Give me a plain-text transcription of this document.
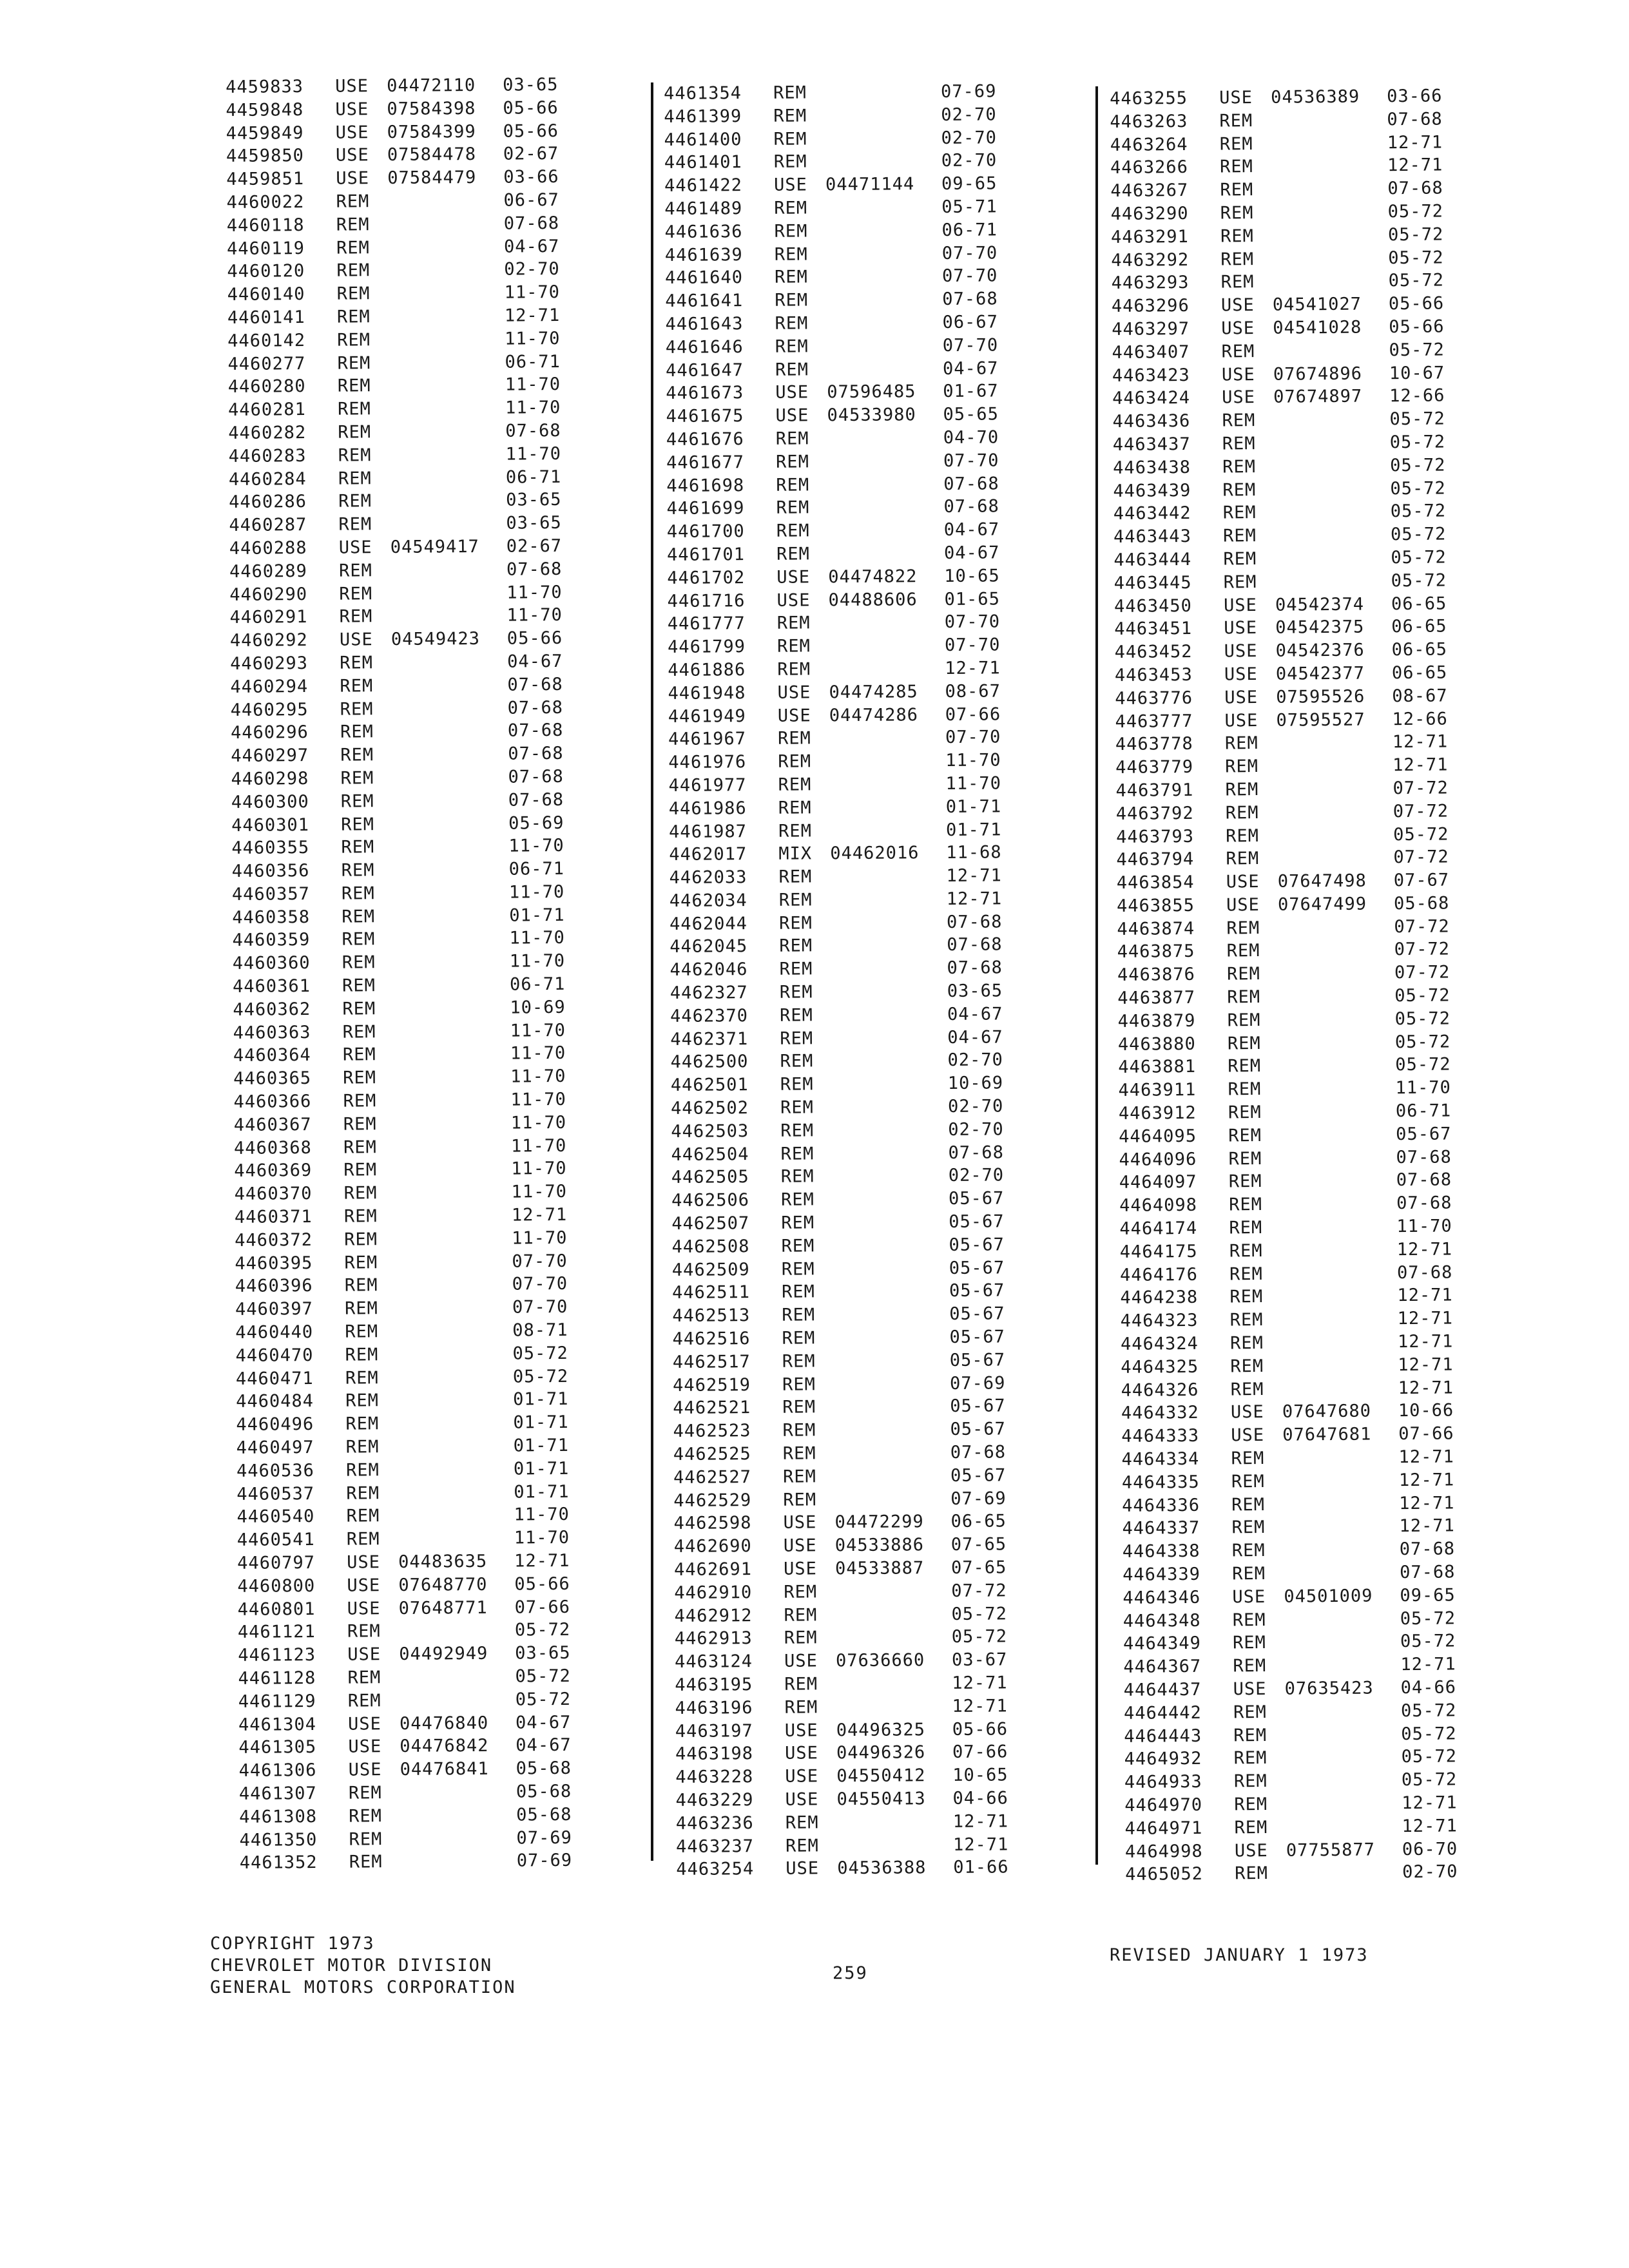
4459833 USE 04472110 03-65
4459848 USE 07584398 05-66
4459849 USE 07584399 05-66
4459850 USE 07584478 02-67
4459851 USE 07584479 03-66
4460022 REM	06-67
4460118 REM	07-68
4460119 REM	04-67
4460120 REM	02-70
4460140 REM	11-70
4460141 REM	12-71
4460142 REM	11-70
4460277 REM	06-71
4460280 REM	11-70
4460281 REM	11-70
4460282 REM	07-68
4460283 REM	11-70
4460284 REM	06-71
4460286 REM	03-65
4460287 REM	03-65
4460288 USE 04549417 02-67
4460289 REM	07-68
4460290 REM	11-70
4460291 REM	11-70
4460292 USE 04549423 05-66
4460293 REM	04-67
4460294 REM	07-68
4460295 REM	07-68
4460296 REM	07-68
4460297 REM	07-68
4460298 REM	07-68
4460300 REM	07-68
4460301 REM	05-69
4460355 REM	11-70
4460356 REM	06-71
4460357 REM	11-70
4460358 REM	01-71
4460359 REM	11-70
4460360 REM	11-70
4460361 REM	06-71
4460362 REM	10-69
4460363 REM	11-70
4460364 REM	11-70
4460365 REM	11-70
4460366 REM	11-70
4460367 REM	11-70
4460368 REM	11-70
4460369 REM	11-70
4460370 REM	11-70
4460371 REM	12-71
4460372 REM	11-70
4460395 REM	07-70
4460396 REM	07-70
4460397 REM	07-70
4460440 REM	08-71
4460470 REM	05-72
4460471 REM	05-72
4460484 REM	01-71
4460496 REM	01-71
4460497 REM	01-71
4460536 REM	01-71
4460537 REM	01-71
4460540 REM	11-70
4460541 REM	11-70
4460797 USE 04483635 12-71
4460800 USE 07648770 05-66
4460801 USE 07648771 07-66
4461121 REM	05-72
4461123 USE 04492949 03-65
4461128 REM	05-72
4461129 REM	05-72
4461304 USE 04476840 04-67
4461305 USE 04476842 04-67
4461306 USE 04476841 05-68
4461307 REM	05-68
4461308 REM	05-68
4461350 REM	07-69
4461352 REM	07-69
4461354 REM	07-69
4461399 REM	02-70
4461400 REM	02-70
4461401 REM	02-70
4461422 USE 04471144 09-65
4461489 REM	05-71
4461636 REM	06-71
4461639 REM	07-70
4461640 REM	07-70
4461641 REM	07-68
4461643 REM	06-67
4461646 REM	07-70
4461647 REM	04-67
4461673 USE 07596485 01-67
4461675 USE 04533980 05-65
4461676 REM	04-70
4461677 REM	07-70
4461698 REM	07-68
4461699 REM	07-68
4461700 REM	04-67
4461701 REM	04-67
4461702 USE 04474822 10-65
4461716 USE 04488606 01-65
4461777 REM	07-70
4461799 REM	07-70
4461886 REM	12-71
4461948 USE 04474285 08-67
4461949 USE 04474286 07-66
4461967 REM	07-70
4461976 REM	11-70
4461977 REM	11-70
4461986 REM	01-71
4461987 REM	01-71
4462017 MIX 04462016 11-68
4462033 REM	12-71
4462034 REM	12-71
4462044 REM	07-68
4462045 REM	07-68
4462046 REM	07-68
4462327 REM	03-65
4462370 REM	04-67
4462371 REM	04-67
4462500 REM	02-70
4462501 REM	10-69
4462502 REM	02-70
4462503 REM	02-70
4462504 REM	07-68
4462505 REM	02-70
4462506 REM	05-67
4462507 REM	05-67
4462508 REM	05-67
4462509 REM	05-67
4462511 REM	05-67
4462513 REM	05-67
4462516 REM	05-67
4462517 REM	05-67
4462519 REM	07-69
4462521 REM	05-67
4462523 REM	05-67
4462525 REM	07-68
4462527 REM	05-67
4462529 REM	07-69
4462598 USE 04472299 06-65
4462690 USE 04533886 07-65
4462691 USE 04533887 07-65
4462910 REM	07-72
4462912 REM	05-72
4462913 REM	05-72
4463124 USE 07636660 03-67
4463195 REM	12-71
4463196 REM	12-71
4463197 USE 04496325 05-66
4463198 USE 04496326 07-66
4463228 USE 04550412 10-65
4463229 USE 04550413 04-66
4463236 REM	12-71
4463237 REM	12-71
4463254 USE 04536388 01-66
4463255 USE 04536389 03-66
4463263 REM	07-68
4463264 REM	12-71
4463266 REM	12-71
4463267 REM	07-68
4463290 REM	05-72
4463291 REM	05-72
4463292 REM	05-72
4463293 REM	05-72
4463296 USE 04541027 05-66
4463297 USE 04541028 05-66
4463407 REM	05-72
4463423 USE 07674896 10-67
4463424 USE 07674897 12-66
4463436 REM	05-72
4463437 REM	05-72
4463438 REM	05-72
4463439 REM	05-72
4463442 REM	05-72
4463443 REM	05-72
4463444 REM	05-72
4463445 REM	05-72
4463450 USE 04542374 06-65
4463451 USE 04542375 06-65
4463452 USE 04542376 06-65
4463453 USE 04542377 06-65
4463776 USE 07595526 08-67
4463777 USE 07595527 12-66
4463778 REM	12-71
4463779 REM	12-71
4463791 REM	07-72
4463792 REM	07-72
4463793 REM	05-72
4463794 REM	07-72
4463854 USE 07647498 07-67
4463855 USE 07647499 05-68
4463874 REM	07-72
4463875 REM	07-72
4463876 REM	07-72
4463877 REM	05-72
4463879 REM	05-72
4463880 REM	05-72
4463881 REM	05-72
4463911 REM	11-70
4463912 REM	06-71
4464095 REM	05-67
4464096 REM	07-68
4464097 REM	07-68
4464098 REM	07-68
4464174 REM	11-70
4464175 REM	12-71
4464176 REM	07-68
4464238 REM	12-71
4464323 REM	12-71
4464324 REM	12-71
4464325 REM	12-71
4464326 REM	12-71
4464332 USE 07647680 10-66
4464333 USE 07647681 07-66
4464334 REM	12-71
4464335 REM	12-71
4464336 REM	12-71
4464337 REM	12-71
4464338 REM	07-68
4464339 REM	07-68
4464346 USE 04501009 09-65
4464348 REM	05-72
4464349 REM	05-72
4464367 REM	12-71
4464437 USE 07635423 04-66
4464442 REM	05-72
4464443 REM	05-72
4464932 REM	05-72
4464933 REM	05-72
4464970 REM	12-71
4464971 REM	12-71
4464998 USE 07755877 06-70
4465052 REM	02-70
COPYRIGHT 1973
CHEVROLET MOTOR DIVISION
GENERAL MOTORS CORPORATION
259
REVISED JANUARY 1 1973
